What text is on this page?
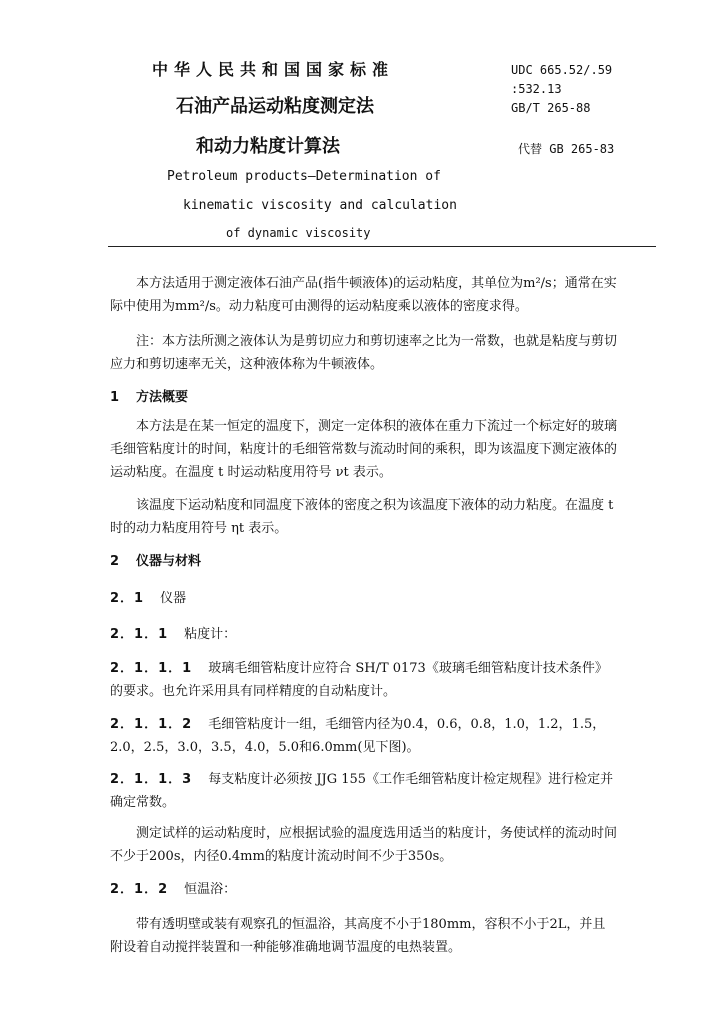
中华人民共和国国家标准
石油产品运动粘度测定法
和动力粘度计算法
Petroleum products—Determination of
kinematic viscosity and calculation
of dynamic viscosity
UDC 665.52/.59
:532.13
GB/T 265-88
代替 GB 265-83
本方法适用于测定液体石油产品(指牛顿液体)的运动粘度，其单位为m²/s；通常在实际中使用为mm²/s。动力粘度可由测得的运动粘度乘以液体的密度求得。
注：本方法所测之液体认为是剪切应力和剪切速率之比为一常数，也就是粘度与剪切应力和剪切速率无关，这种液体称为牛顿液体。
1 方法概要
本方法是在某一恒定的温度下，测定一定体积的液体在重力下流过一个标定好的玻璃毛细管粘度计的时间，粘度计的毛细管常数与流动时间的乘积，即为该温度下测定液体的运动粘度。在温度 t 时运动粘度用符号 νt 表示。
该温度下运动粘度和同温度下液体的密度之积为该温度下液体的动力粘度。在温度 t 时的动力粘度用符号 ηt 表示。
2 仪器与材料
2．1 仪器
2．1．1 粘度计：
2．1．1．1 玻璃毛细管粘度计应符合 SH/T 0173《玻璃毛细管粘度计技术条件》的要求。也允许采用具有同样精度的自动粘度计。
2．1．1．2 毛细管粘度计一组，毛细管内径为0.4，0.6，0.8，1.0，1.2，1.5，2.0，2.5，3.0，3.5，4.0，5.0和6.0mm(见下图)。
2．1．1．3 每支粘度计必须按 JJG 155《工作毛细管粘度计检定规程》进行检定并确定常数。
测定试样的运动粘度时，应根据试验的温度选用适当的粘度计，务使试样的流动时间不少于200s，内径0.4mm的粘度计流动时间不少于350s。
2．1．2 恒温浴：
带有透明壁或装有观察孔的恒温浴，其高度不小于180mm，容积不小于2L，并且附设着自动搅拌装置和一种能够准确地调节温度的电热装置。
